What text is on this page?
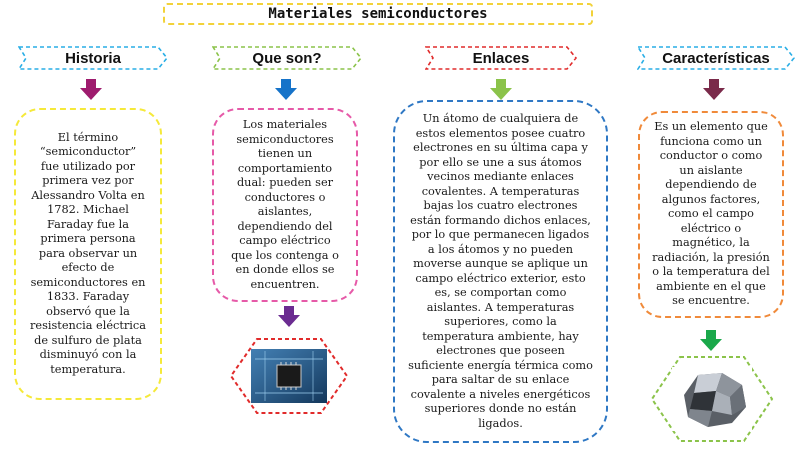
Materiales semiconductores
Historia	Que son?	Enlaces	Características
El término “semiconductor” fue utilizado por primera vez por Alessandro Volta en 1782. Michael Faraday fue la primera persona para observar un efecto de semiconductores en 1833. Faraday observó que la resistencia eléctrica de sulfuro de plata disminuyó con la temperatura.
Los materiales semiconductores tienen un comportamiento dual: pueden ser conductores o aislantes, dependiendo del campo eléctrico que los contenga o en donde ellos se encuentren.
Un átomo de cualquiera de estos elementos posee cuatro electrones en su última capa y por ello se une a sus átomos vecinos mediante enlaces covalentes. A temperaturas bajas los cuatro electrones están formando dichos enlaces, por lo que permanecen ligados a los átomos y no pueden moverse aunque se aplique un campo eléctrico exterior, esto es, se comportan como aislantes. A temperaturas superiores, como la temperatura ambiente, hay electrones que poseen suficiente energía térmica como para saltar de su enlace covalente a niveles energéticos superiores donde no están ligados.
Es un elemento que funciona como un conductor o como un aislante dependiendo de algunos factores, como el campo eléctrico o magnético, la radiación, la presión o la temperatura del ambiente en el que se encuentre.
